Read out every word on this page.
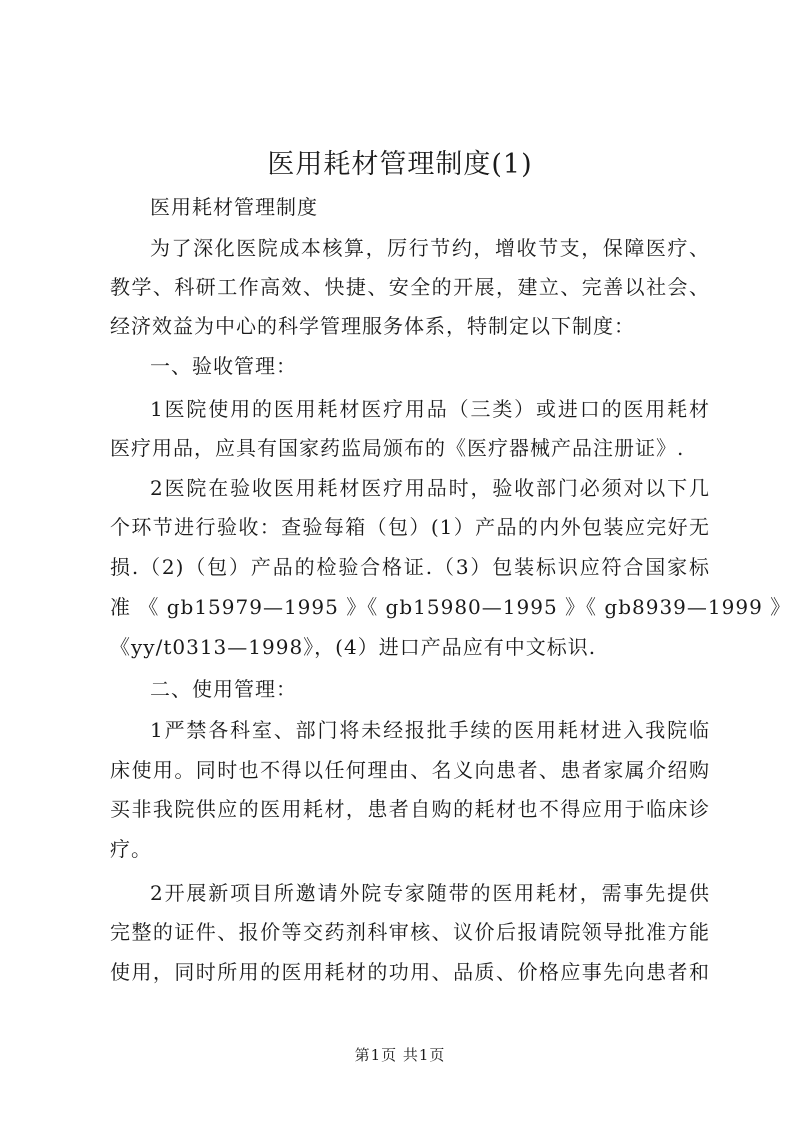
医用耗材管理制度(1)

医用耗材管理制度

为了深化医院成本核算，厉行节约，增收节支，保障医疗、

教学、科研工作高效、快捷、安全的开展，建立、完善以社会、

经济效益为中心的科学管理服务体系，特制定以下制度：

一、验收管理：

1医院使用的医用耗材医疗用品（三类）或进口的医用耗材

医疗用品，应具有国家药监局颁布的《医疗器械产品注册证》.

2医院在验收医用耗材医疗用品时，验收部门必须对以下几

个环节进行验收：查验每箱（包）(1）产品的内外包装应完好无

损.（2)（包）产品的检验合格证.（3）包装标识应符合国家标

准 《 gb15979—1995 》《 gb15980—1995 》《 gb8939—1999 》

《yy/t0313—1998》，(4）进口产品应有中文标识.

二、使用管理：

1严禁各科室、部门将未经报批手续的医用耗材进入我院临

床使用。同时也不得以任何理由、名义向患者、患者家属介绍购

买非我院供应的医用耗材，患者自购的耗材也不得应用于临床诊

疗。

2开展新项目所邀请外院专家随带的医用耗材，需事先提供

完整的证件、报价等交药剂科审核、议价后报请院领导批准方能

使用，同时所用的医用耗材的功用、品质、价格应事先向患者和

第1页 共1页
